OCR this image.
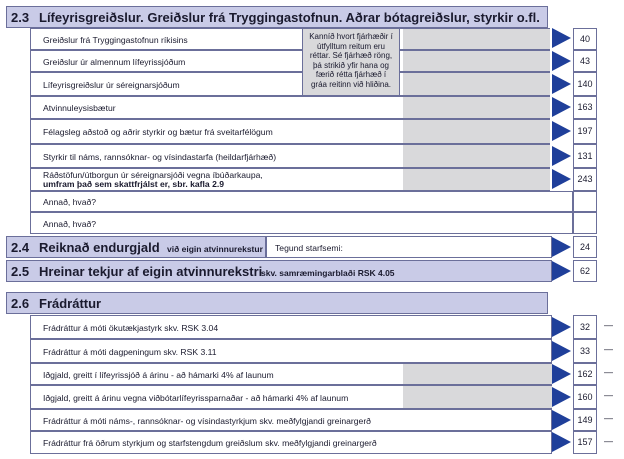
2.3 Lífeyrisgreiðslur. Greiðslur frá Tryggingastofnun. Aðrar bótagreiðslur, styrkir o.fl.
Greiðslur frá Tryggingastofnun ríkisins	40
Greiðslur úr almennum lífeyrissjóðum	43
Lífeyrisgreiðslur úr séreignarsjóðum	140
Kanníð hvort fjárhæðir í útfylltum reitum eru réttar. Sé fjárhæð röng, þá strikið yfir hana og færið rétta fjárhæð í gráa reitinn við hliðina.
Atvinnuleysisbætur	163
Félagsleg aðstoð og aðrir styrkir og bætur frá sveitarfélögum	197
Styrkir til náms, rannsóknar- og vísindastarfa (heildarfjárhæð)	131
Ráðstöfun/útborgun úr séreignarsjóði vegna íbúðarkaupa,
umfram það sem skattfrjálst er, sbr. kafla 2.9	243
Annað, hvað?
Annað, hvað?
2.4 Reiknað endurgjald við eigin atvinnurekstur Tegund starfsemi:	24
2.5 Hreinar tekjur af eigin atvinnurekstri
skv. samræmingarblaði RSK 4.05	62
2.6 Frádráttur
Frádráttur á móti ökutækjastyrk skv. RSK 3.04	32	—
Frádráttur á móti dagpeningum skv. RSK 3.11	33	—
Iðgjald, greitt í lífeyrissjóð á árinu - að hámarki 4% af launum	162	—
Iðgjald, greitt á árinu vegna viðbótarlífeyrissparnaðar - að hámarki 4% af launum	160	—
Frádráttur á móti náms-, rannsóknar- og vísindastyrkjum skv. meðfylgjandi greinargerð	149	—
Frádráttur frá öðrum styrkjum og starfstengdum greiðslum skv. meðfylgjandi greinargerð	157	—
